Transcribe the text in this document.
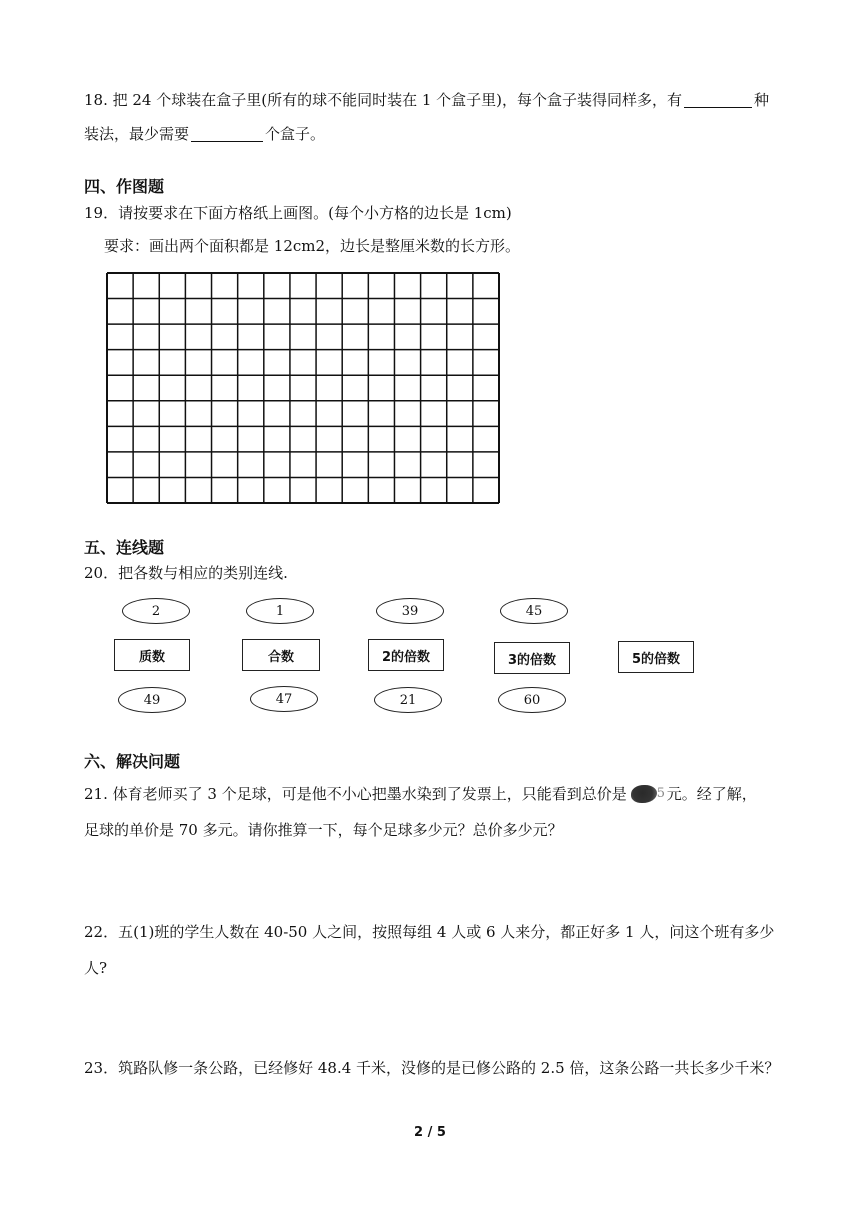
18. 把 24 个球装在盒子里(所有的球不能同时装在 1 个盒子里)，每个盒子装得同样多，有	种
装法，最少需要	个盒子。
四、作图题
19．请按要求在下面方格纸上画图。(每个小方格的边长是 1cm)
要求：画出两个面积都是 12cm2，边长是整厘米数的长方形。
五、连线题
20．把各数与相应的类别连线.
2	1	39	45
质数	合数	2的倍数	3的倍数	5的倍数
49	47	21	60
六、解决问题
21. 体育老师买了 3 个足球，可是他不小心把墨水染到了发票上，只能看到总价是 5 元。经了解，
足球的单价是 70 多元。请你推算一下，每个足球多少元？总价多少元？
22．五(1)班的学生人数在 40-50 人之间，按照每组 4 人或 6 人来分，都正好多 1 人，问这个班有多少
人?
23．筑路队修一条公路，已经修好 48.4 千米，没修的是已修公路的 2.5 倍，这条公路一共长多少千米？
2 / 5
